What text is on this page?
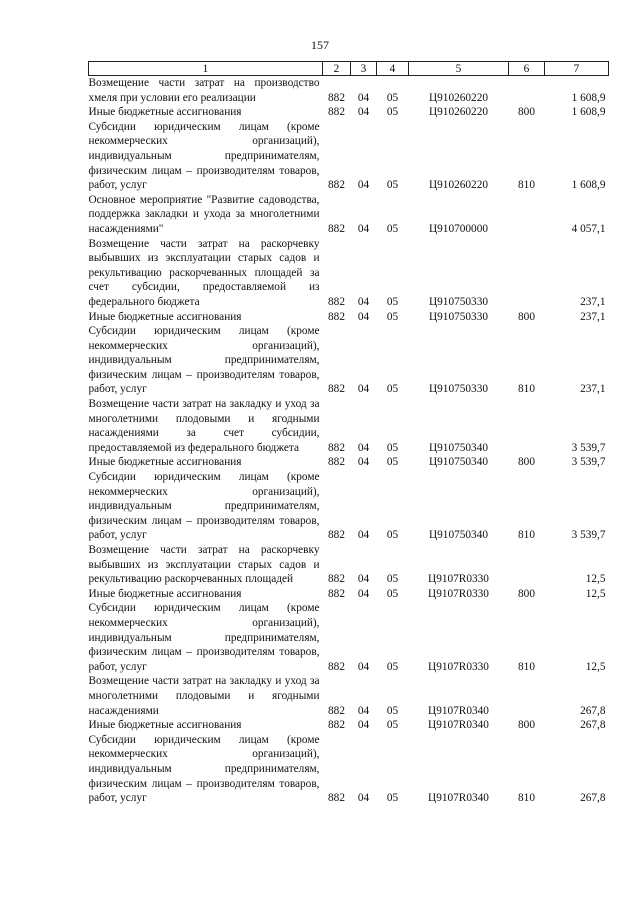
157
1	2	3	4	5	6	7
Возмещение части затрат на производство хмеля при условии его реализации	882	04	05	Ц910260220		1 608,9
Иные бюджетные ассигнования	882	04	05	Ц910260220	800	1 608,9
Субсидии юридическим лицам (кроме некоммерческих организаций), индивидуальным предпринимателям, физическим лицам – производителям товаров, работ, услуг	882	04	05	Ц910260220	810	1 608,9
Основное мероприятие "Развитие садоводства, поддержка закладки и ухода за многолетними насаждениями"	882	04	05	Ц910700000		4 057,1
Возмещение части затрат на раскорчевку выбывших из эксплуатации старых садов и рекультивацию раскорчеванных площадей за счет субсидии, предоставляемой из федерального бюджета	882	04	05	Ц910750330		237,1
Иные бюджетные ассигнования	882	04	05	Ц910750330	800	237,1
Субсидии юридическим лицам (кроме некоммерческих организаций), индивидуальным предпринимателям, физическим лицам – производителям товаров, работ, услуг	882	04	05	Ц910750330	810	237,1
Возмещение части затрат на закладку и уход за многолетними плодовыми и ягодными насаждениями за счет субсидии, предоставляемой из федерального бюджета	882	04	05	Ц910750340		3 539,7
Иные бюджетные ассигнования	882	04	05	Ц910750340	800	3 539,7
Субсидии юридическим лицам (кроме некоммерческих организаций), индивидуальным предпринимателям, физическим лицам – производителям товаров, работ, услуг	882	04	05	Ц910750340	810	3 539,7
Возмещение части затрат на раскорчевку выбывших из эксплуатации старых садов и рекультивацию раскорчеванных площадей	882	04	05	Ц9107R0330		12,5
Иные бюджетные ассигнования	882	04	05	Ц9107R0330	800	12,5
Субсидии юридическим лицам (кроме некоммерческих организаций), индивидуальным предпринимателям, физическим лицам – производителям товаров, работ, услуг	882	04	05	Ц9107R0330	810	12,5
Возмещение части затрат на закладку и уход за многолетними плодовыми и ягодными насаждениями	882	04	05	Ц9107R0340		267,8
Иные бюджетные ассигнования	882	04	05	Ц9107R0340	800	267,8
Субсидии юридическим лицам (кроме некоммерческих организаций), индивидуальным предпринимателям, физическим лицам – производителям товаров, работ, услуг	882	04	05	Ц9107R0340	810	267,8
